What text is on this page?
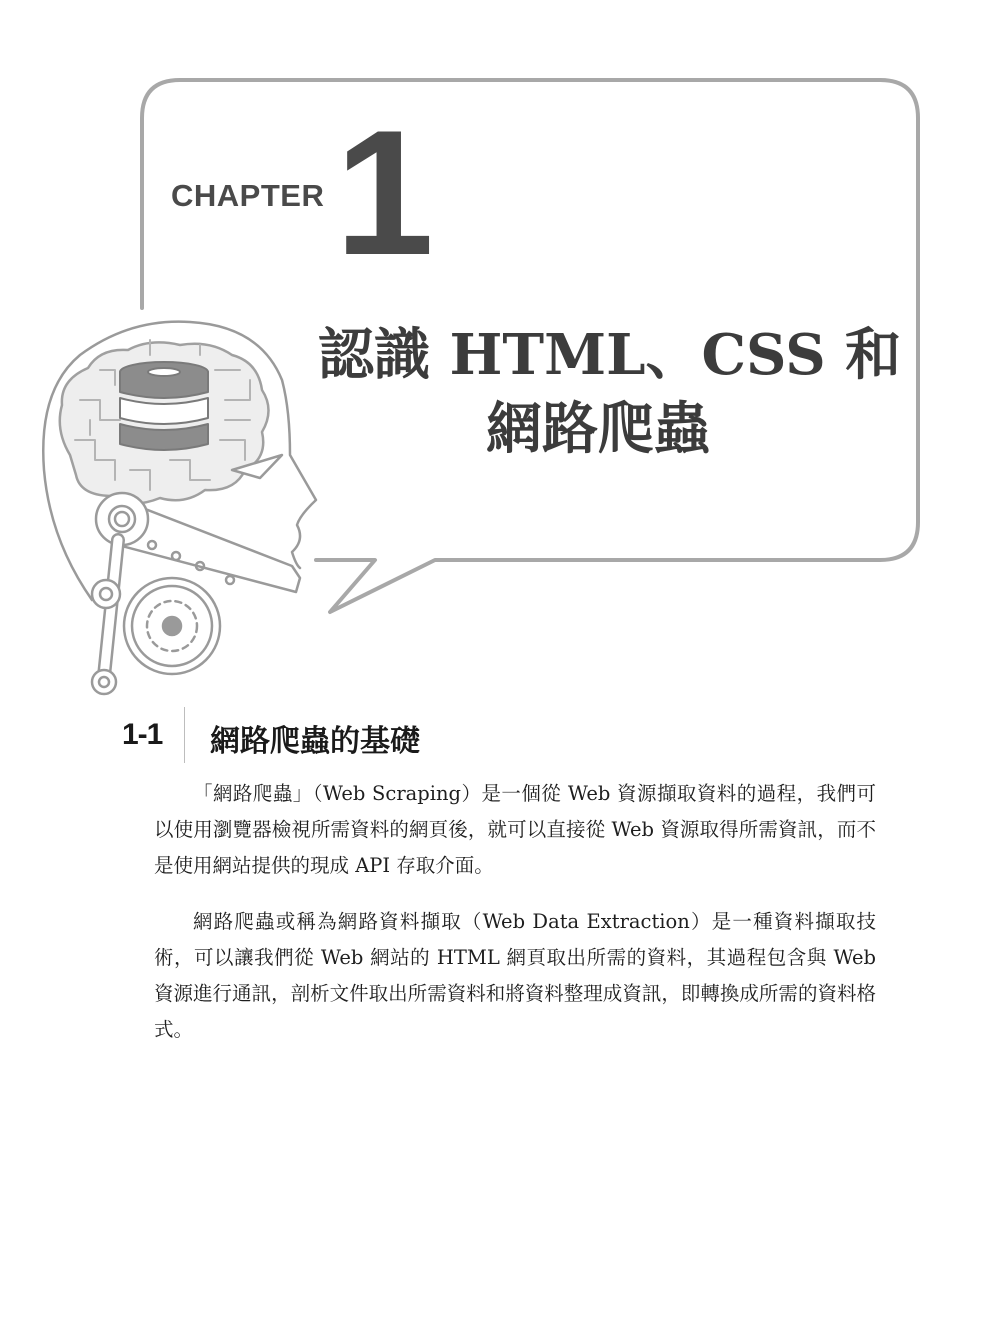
CHAPTER 1
認識 HTML、CSS 和
網路爬蟲
1-1 網路爬蟲的基礎

「網路爬蟲」（Web Scraping）是一個從 Web 資源擷取資料的過程，我們可以使用瀏覽器檢視所需資料的網頁後，就可以直接從 Web 資源取得所需資訊，而不是使用網站提供的現成 API 存取介面。

網路爬蟲或稱為網路資料擷取（Web Data Extraction）是一種資料擷取技術，可以讓我們從 Web 網站的 HTML 網頁取出所需的資料，其過程包含與 Web 資源進行通訊，剖析文件取出所需資料和將資料整理成資訊，即轉換成所需的資料格式。
